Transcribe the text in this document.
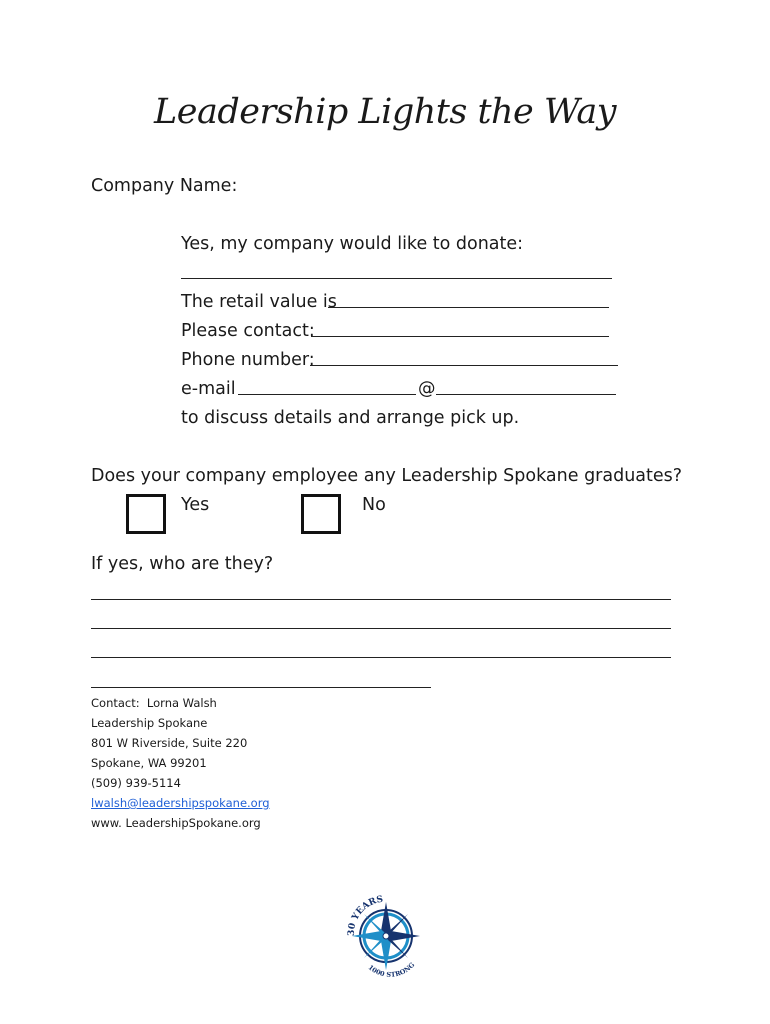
Leadership Lights the Way
Company Name:
Yes, my company would like to donate:
The retail value is
Please contact:
Phone number:
e-mail	@
to discuss details and arrange pick up.
Does your company employee any Leadership Spokane graduates?
Yes	No
If yes, who are they?
Contact:  Lorna Walsh
Leadership Spokane
801 W Riverside, Suite 220
Spokane, WA 99201
(509) 939-5114
lwalsh@leadershipspokane.org
www. LeadershipSpokane.org
30 YEARS
1000 STRONG
